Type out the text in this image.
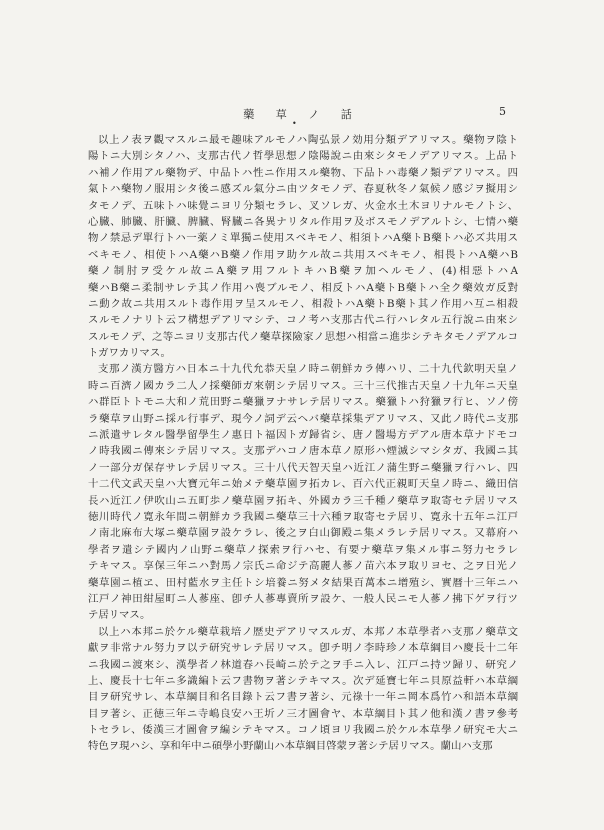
藥 草 ノ 話
•
5
以上ノ表ヲ觀マスルニ最モ趣味アルモノハ陶弘景ノ効用分類デアリマス。藥物ヲ陰ト
陽トニ大別シタノハ、支那古代ノ哲學思想ノ陰陽說ニ由來シタモノデアリマス。上品ト
ハ補ノ作用アル藥物デ、中品トハ性ニ作用スル藥物、下品トハ毒藥ノ類デアリマス。四
氣トハ藥物ノ服用シタ後ニ感ズル氣分ニ由ツタモノデ、春夏秋冬ノ氣候ノ感ジヲ擬用シ
タモノデ、五味トハ味覺ニヨリ分類セラレ、叉ソレガ、火金水土木ヨリナルモノトシ、
心臓、肺臓、肝臓、脾臓、腎臓ニ各異ナリタル作用ヲ及ボスモノデアルトシ、七情ハ藥
物ノ禁忌デ單行トハ一薬ノミ單獨ニ使用スベキモノ、相須トハA藥トB藥トハ必ズ共用ス
ベキモノ、相使トハA藥ハB藥ノ作用ヲ助ケル故ニ共用スベキモノ、相畏トハA藥ハB
藥ノ制肘ヲ受ケル故ニA藥ヲ用フルトキハB藥ヲ加ヘルモノ、(4)相惡トハA
藥ハB藥ニ柔制サレテ其ノ作用ハ喪ブルモノ、相反トハA藥トB藥トハ全ク藥效ガ反對
ニ動ク故ニ共用スルト毒作用ヲ呈スルモノ、相殺トハA藥トB藥ト其ノ作用ハ互ニ相殺
スルモノナリト云フ構想デアリマシテ、コノ考ハ支那古代ニ行ハレタル五行說ニ由來シ
スルモノデ、之等ニヨリ支那古代ノ藥草探險家ノ思想ハ相當ニ進歩シテキタモノデアルコ
トガワカリマス。
支那ノ漢方醫方ハ日本ニ十九代允恭天皇ノ時ニ朝鮮カラ傳ハリ、二十九代欽明天皇ノ
時ニ百濟ノ國カラ二人ノ採藥師ガ來朝シテ居リマス。三十三代推古天皇ノ十九年ニ天皇
ハ群臣トトモニ大和ノ荒田野ニ藥獵ヲナサレテ居リマス。藥獵トハ狩獵ヲ行ヒ、ソノ傍
ラ藥草ヲ山野ニ採ル行事デ、現今ノ詞デ云ヘバ藥草採集デアリマス、又此ノ時代ニ支那
ニ派遣サレタル醫學留學生ノ惠日ト福因トガ歸省シ、唐ノ醫場方デアル唐本草ナドモコ
ノ時我國ニ傳來シテ居リマス。支那デハコノ唐本草ノ原形ハ煙滅シマシタガ、我國ニ其
ノ一部分ガ保存サレテ居リマス。三十八代天智天皇ハ近江ノ蒲生野ニ藥獵ヲ行ハレ、四
十二代文武天皇ハ大寶元年ニ始メテ藥草園ヲ拓カレ、百六代正親町天皇ノ時ニ、織田信
長ハ近江ノ伊吹山ニ五町歩ノ藥草園ヲ拓キ、外國カラ三千種ノ藥草ヲ取寄セテ居リマス
徳川時代ノ寛永年間ニ朝鮮カラ我國ニ藥草三十六種ヲ取寄セテ居リ、寛永十五年ニ江戸
ノ南北麻布大塚ニ藥草園ヲ設ケラレ、後之ヲ白山御殿ニ集メラレテ居リマス。又幕府ハ
學者ヲ遣シテ國内ノ山野ニ藥草ノ探索ヲ行ハセ、有要ナ藥草ヲ集メル事ニ努力セラレ
テキマス。享保三年ニハ對馬ノ宗氏ニ命ジテ高麗人蔘ノ苗六本ヲ取リヨセ、之ヲ日光ノ
藥草園ニ植ヱ、田村藍水ヲ主任トシ培養ニ努メタ結果百萬本ニ增殖シ、實暦十三年ニハ
江戸ノ神田紺屋町ニ人蔘座、卽チ人蔘專賣所ヲ設ケ、一般人民ニモ人蔘ノ拂下ゲヲ行ツ
テ居リマス。
以上ハ本邦ニ於ケル藥草栽培ノ歴史デアリマスルガ、本邦ノ本草學者ハ支那ノ藥草文
獻ヲ非常ナル努力ヲ以テ研究サレテ居リマス。卽チ明ノ李時珍ノ本草綱目ハ慶長十二年
ニ我國ニ渡來シ、漢學者ノ林道春ハ長崎ニ於テ之ヲ手ニ入レ、江戸ニ持ツ歸リ、研究ノ
上、慶長十七年ニ多識編ト云フ書物ヲ著シテキマス。次デ延寶七年ニ貝原益軒ハ本草綱
目ヲ研究サレ、本草綱目和名目錄ト云フ書ヲ著シ、元祿十一年ニ岡本爲竹ハ和語本草綱
目ヲ著シ、正徳三年ニ寺嶋良安ハ王圻ノ三才圖會ヤ、本草綱目ト其ノ他和漢ノ書ヲ參考
トセラレ、倭漢三才圖會ヲ編シテキマス。コノ頃ヨリ我國ニ於ケル本草學ノ研究モ大ニ
特色ヲ現ハシ、享和年中ニ碩學小野蘭山ハ本草綱目啓蒙ヲ著シテ居リマス。蘭山ハ支那
